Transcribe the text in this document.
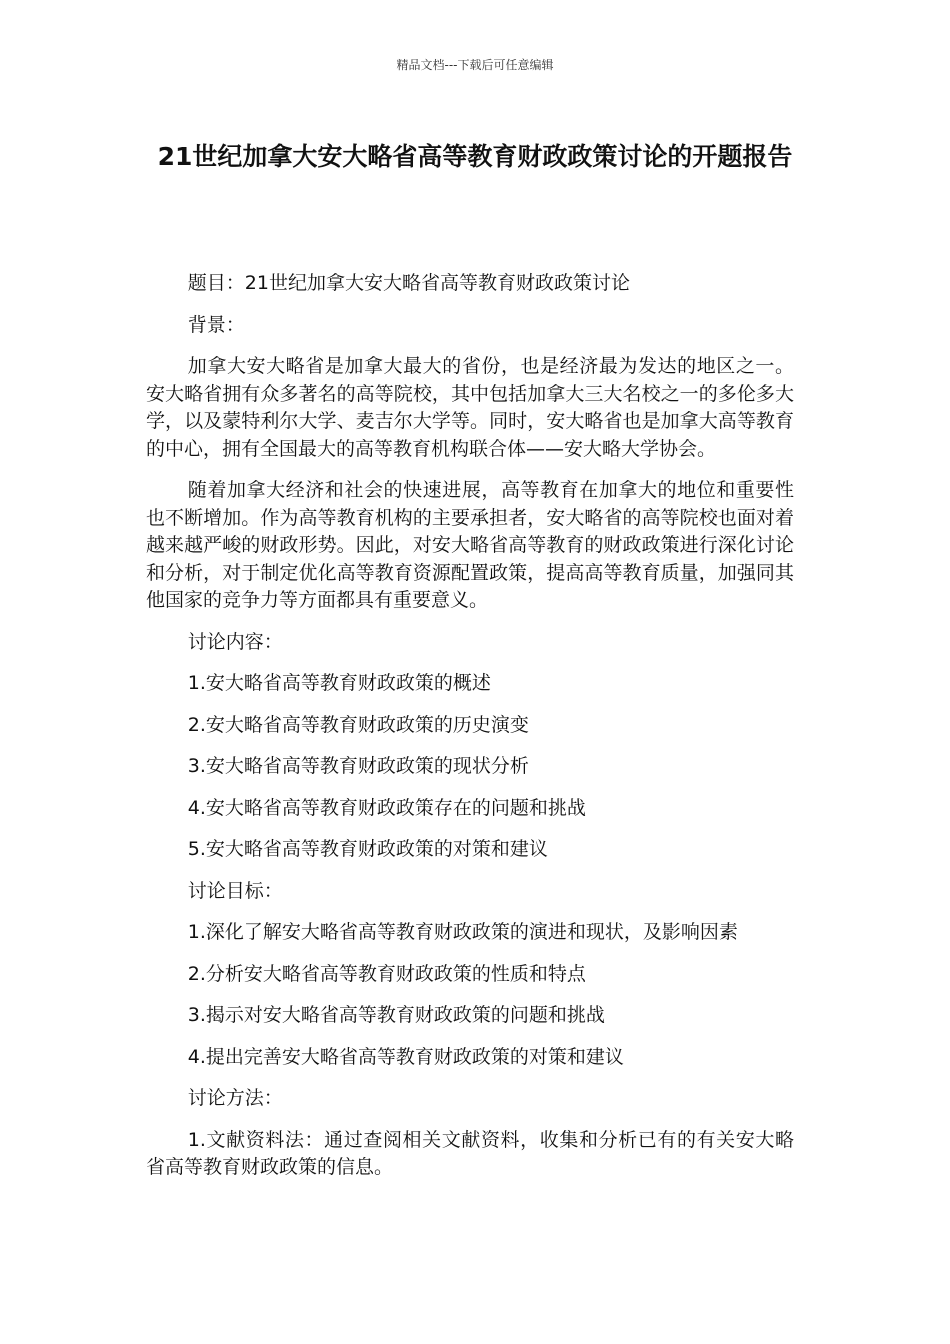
精品文档---下载后可任意编辑
21世纪加拿大安大略省高等教育财政政策讨论的开题报告

题目：21世纪加拿大安大略省高等教育财政政策讨论

背景：

加拿大安大略省是加拿大最大的省份，也是经济最为发达的地区之一。安大略省拥有众多著名的高等院校，其中包括加拿大三大名校之一的多伦多大学，以及蒙特利尔大学、麦吉尔大学等。同时，安大略省也是加拿大高等教育的中心，拥有全国最大的高等教育机构联合体——安大略大学协会。

随着加拿大经济和社会的快速进展，高等教育在加拿大的地位和重要性也不断增加。作为高等教育机构的主要承担者，安大略省的高等院校也面对着越来越严峻的财政形势。因此，对安大略省高等教育的财政政策进行深化讨论和分析，对于制定优化高等教育资源配置政策，提高高等教育质量，加强同其他国家的竞争力等方面都具有重要意义。

讨论内容：

1.安大略省高等教育财政政策的概述

2.安大略省高等教育财政政策的历史演变

3.安大略省高等教育财政政策的现状分析

4.安大略省高等教育财政政策存在的问题和挑战

5.安大略省高等教育财政政策的对策和建议

讨论目标：

1.深化了解安大略省高等教育财政政策的演进和现状，及影响因素

2.分析安大略省高等教育财政政策的性质和特点

3.揭示对安大略省高等教育财政政策的问题和挑战

4.提出完善安大略省高等教育财政政策的对策和建议

讨论方法：

1.文献资料法：通过查阅相关文献资料，收集和分析已有的有关安大略省高等教育财政政策的信息。
